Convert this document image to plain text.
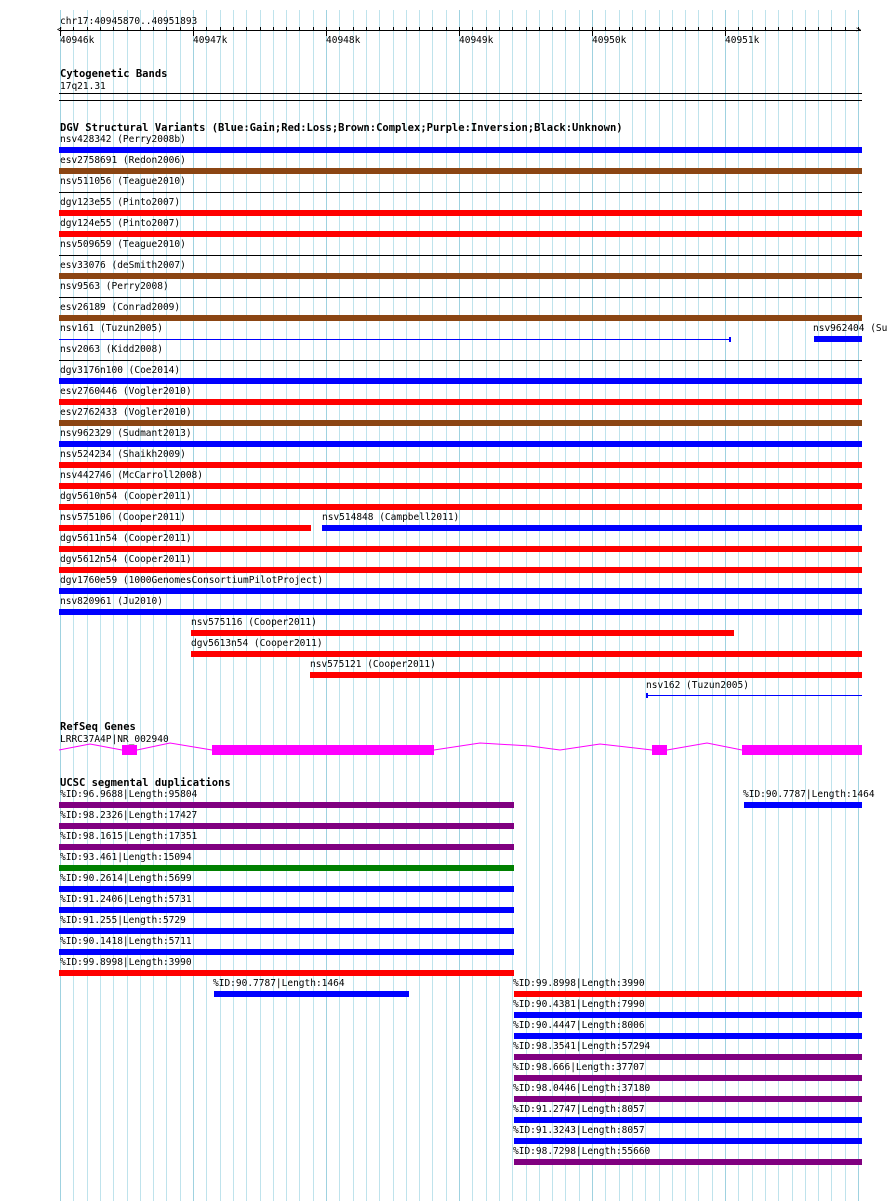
chr17:40945870..40951893
<	>
40946k	40947k	40948k	40949k	40950k	40951k
Cytogenetic Bands
17q21.31
DGV Structural Variants (Blue:Gain;Red:Loss;Brown:Complex;Purple:Inversion;Black:Unknown)
nsv428342 (Perry2008b)
esv2758691 (Redon2006)
nsv511056 (Teague2010)
dgv123e55 (Pinto2007)
dgv124e55 (Pinto2007)
nsv509659 (Teague2010)
esv33076 (deSmith2007)
nsv9563 (Perry2008)
esv26189 (Conrad2009)
nsv161 (Tuzun2005)	nsv962404 (Su
nsv2063 (Kidd2008)
dgv3176n100 (Coe2014)
esv2760446 (Vogler2010)
esv2762433 (Vogler2010)
nsv962329 (Sudmant2013)
nsv524234 (Shaikh2009)
nsv442746 (McCarroll2008)
dgv5610n54 (Cooper2011)
nsv575106 (Cooper2011)	nsv514848 (Campbell2011)
dgv5611n54 (Cooper2011)
dgv5612n54 (Cooper2011)
dgv1760e59 (1000GenomesConsortiumPilotProject)
nsv820961 (Ju2010)
nsv575116 (Cooper2011)
dgv5613n54 (Cooper2011)
nsv575121 (Cooper2011)
nsv162 (Tuzun2005)
RefSeq Genes
LRRC37A4P|NR_002940
UCSC segmental duplications
%ID:96.9688|Length:95804
%ID:98.2326|Length:17427
%ID:98.1615|Length:17351
%ID:93.461|Length:15094
%ID:90.2614|Length:5699
%ID:91.2406|Length:5731
%ID:91.255|Length:5729
%ID:90.1418|Length:5711
%ID:99.8998|Length:3990
%ID:90.7787|Length:1464
%ID:90.7787|Length:1464	%ID:99.8998|Length:3990
%ID:90.4381|Length:7990
%ID:90.4447|Length:8006
%ID:98.3541|Length:57294
%ID:98.666|Length:37707
%ID:98.0446|Length:37180
%ID:91.2747|Length:8057
%ID:91.3243|Length:8057
%ID:98.7298|Length:55660
